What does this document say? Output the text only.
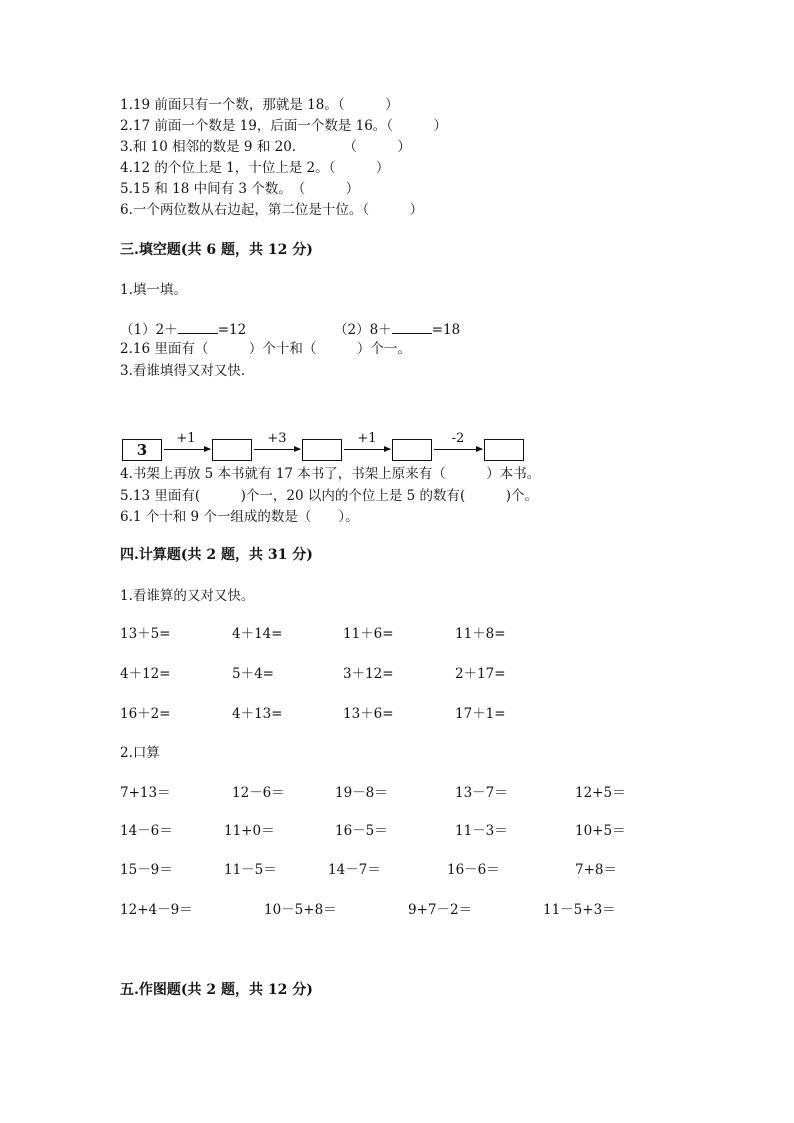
1.19 前面只有一个数，那就是 18。（　　　）
2.17 前面一个数是 19，后面一个数是 16。（　　　）
3.和 10 相邻的数是 9 和 20.　　　　（　　　）
4.12 的个位上是 1，十位上是 2。（　　　）
5.15 和 18 中间有 3 个数。　（　　　）
6.一个两位数从右边起，第二位是十位。（　　　）
三.填空题(共 6 题，共 12 分)
1.填一填。
（1）2＋	=12	（2）8＋	=18
2.16 里面有（　　　）个十和（　　　）个一。
3.看谁填得又对又快.
3
+1	+3	+1	-2
4.书架上再放 5 本书就有 17 本书了，书架上原来有（　　　）本书。
5.13 里面有(　　　)个一，20 以内的个位上是 5 的数有(　　　)个。
6.1 个十和 9 个一组成的数是（　　）。
四.计算题(共 2 题，共 31 分)
1.看谁算的又对又快。
13＋5=	4＋14=	11＋6=	11＋8=
4＋12=	5＋4=	3＋12=	2＋17=
16＋2=	4＋13=	13＋6=	17＋1=
2.口算
7+13＝	12－6＝	19－8＝	13－7＝	12+5＝
14－6＝	11+0＝	16－5＝	11－3＝	10+5＝
15－9＝	11－5＝	14－7＝	16－6＝	7+8＝
12+4－9＝	10－5+8＝	9+7－2＝	11－5+3＝
五.作图题(共 2 题，共 12 分)
